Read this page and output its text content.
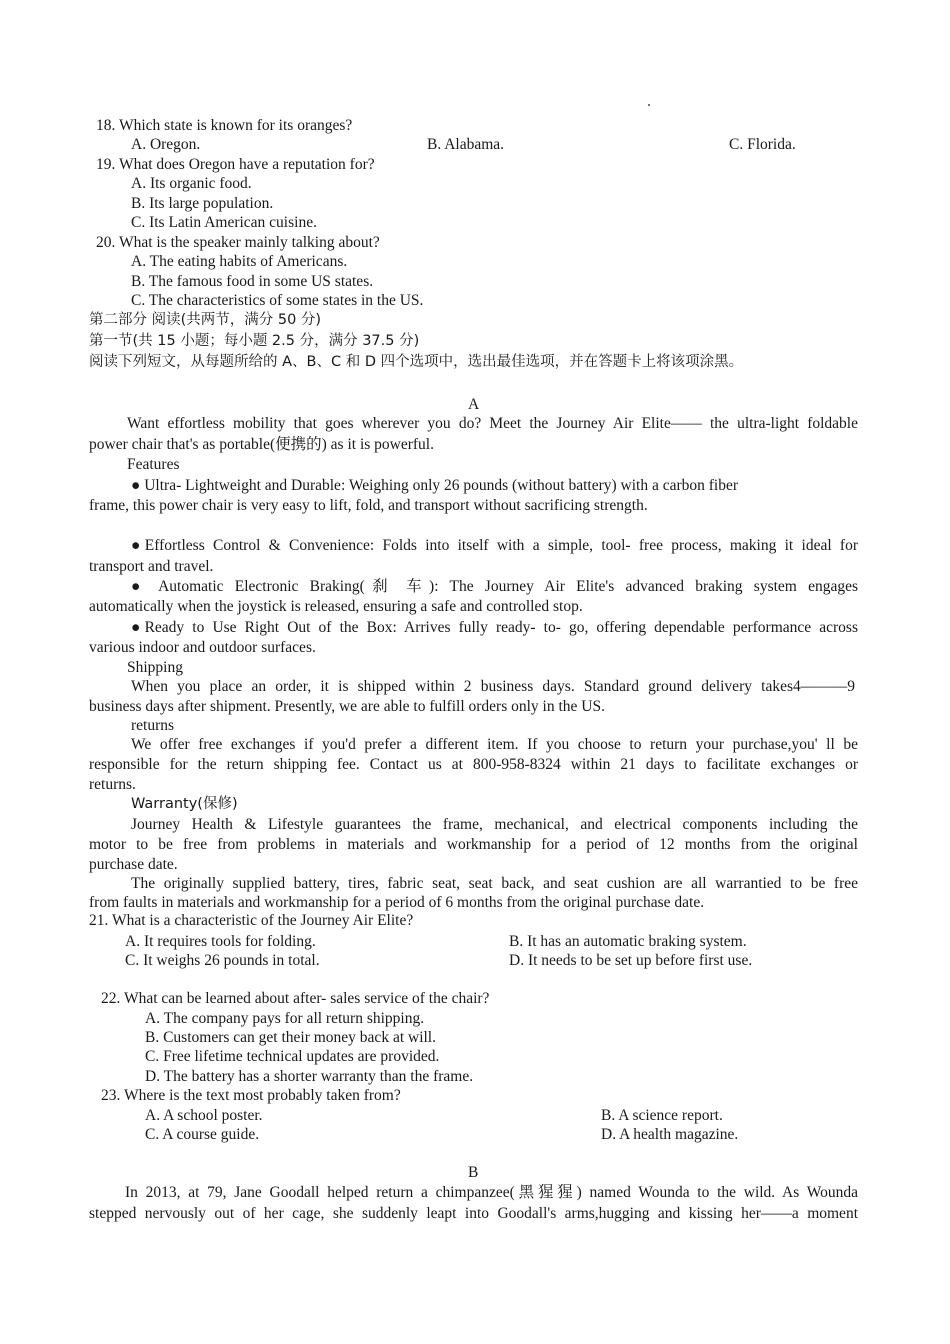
18. Which state is known for its oranges?
A. Oregon.	B. Alabama.	C. Florida.
19. What does Oregon have a reputation for?
A. Its organic food.
B. Its large population.
C. Its Latin American cuisine.
20. What is the speaker mainly talking about?
A. The eating habits of Americans.
B. The famous food in some US states.
C. The characteristics of some states in the US.
第二部分 阅读(共两节，满分 50 分)
第一节(共 15 小题；每小题 2.5 分，满分 37.5 分)
阅读下列短文，从每题所给的 A、B、C 和 D 四个选项中，选出最佳选项，并在答题卡上将该项涂黑。
A
Want effortless mobility that goes wherever you do? Meet the Journey Air Elite—— the ultra-light foldable
power chair that's as portable(便携的) as it is powerful.
Features
● Ultra- Lightweight and Durable: Weighing only 26 pounds (without battery) with a carbon fiber
frame, this power chair is very easy to lift, fold, and transport without sacrificing strength.
●Effortless Control & Convenience: Folds into itself with a simple, tool- free process, making it ideal for
transport and travel.
● Automatic Electronic Braking(刹 车): The Journey Air Elite's advanced braking system engages
automatically when the joystick is released, ensuring a safe and controlled stop.
●Ready to Use Right Out of the Box: Arrives fully ready- to- go, offering dependable performance across
various indoor and outdoor surfaces.
Shipping
When you place an order, it is shipped within 2 business days. Standard ground delivery takes4———9
business days after shipment. Presently, we are able to fulfill orders only in the US.
returns
We offer free exchanges if you'd prefer a different item. If you choose to return your purchase,you' ll be
responsible for the return shipping fee. Contact us at 800-958-8324 within 21 days to facilitate exchanges or
returns.
Warranty(保修)
Journey Health & Lifestyle guarantees the frame, mechanical, and electrical components including the
motor to be free from problems in materials and workmanship for a period of 12 months from the original
purchase date.
The originally supplied battery, tires, fabric seat, seat back, and seat cushion are all warrantied to be free
from faults in materials and workmanship for a period of 6 months from the original purchase date.
21. What is a characteristic of the Journey Air Elite?
A. It requires tools for folding.	B. It has an automatic braking system.
C. It weighs 26 pounds in total.	D. It needs to be set up before first use.
22. What can be learned about after- sales service of the chair?
A. The company pays for all return shipping.
B. Customers can get their money back at will.
C. Free lifetime technical updates are provided.
D. The battery has a shorter warranty than the frame.
23. Where is the text most probably taken from?
A. A school poster.	B. A science report.
C. A course guide.	D. A health magazine.
B
In 2013, at 79, Jane Goodall helped return a chimpanzee(黑猩猩) named Wounda to the wild. As Wounda
stepped nervously out of her cage, she suddenly leapt into Goodall's arms,hugging and kissing her——a moment
